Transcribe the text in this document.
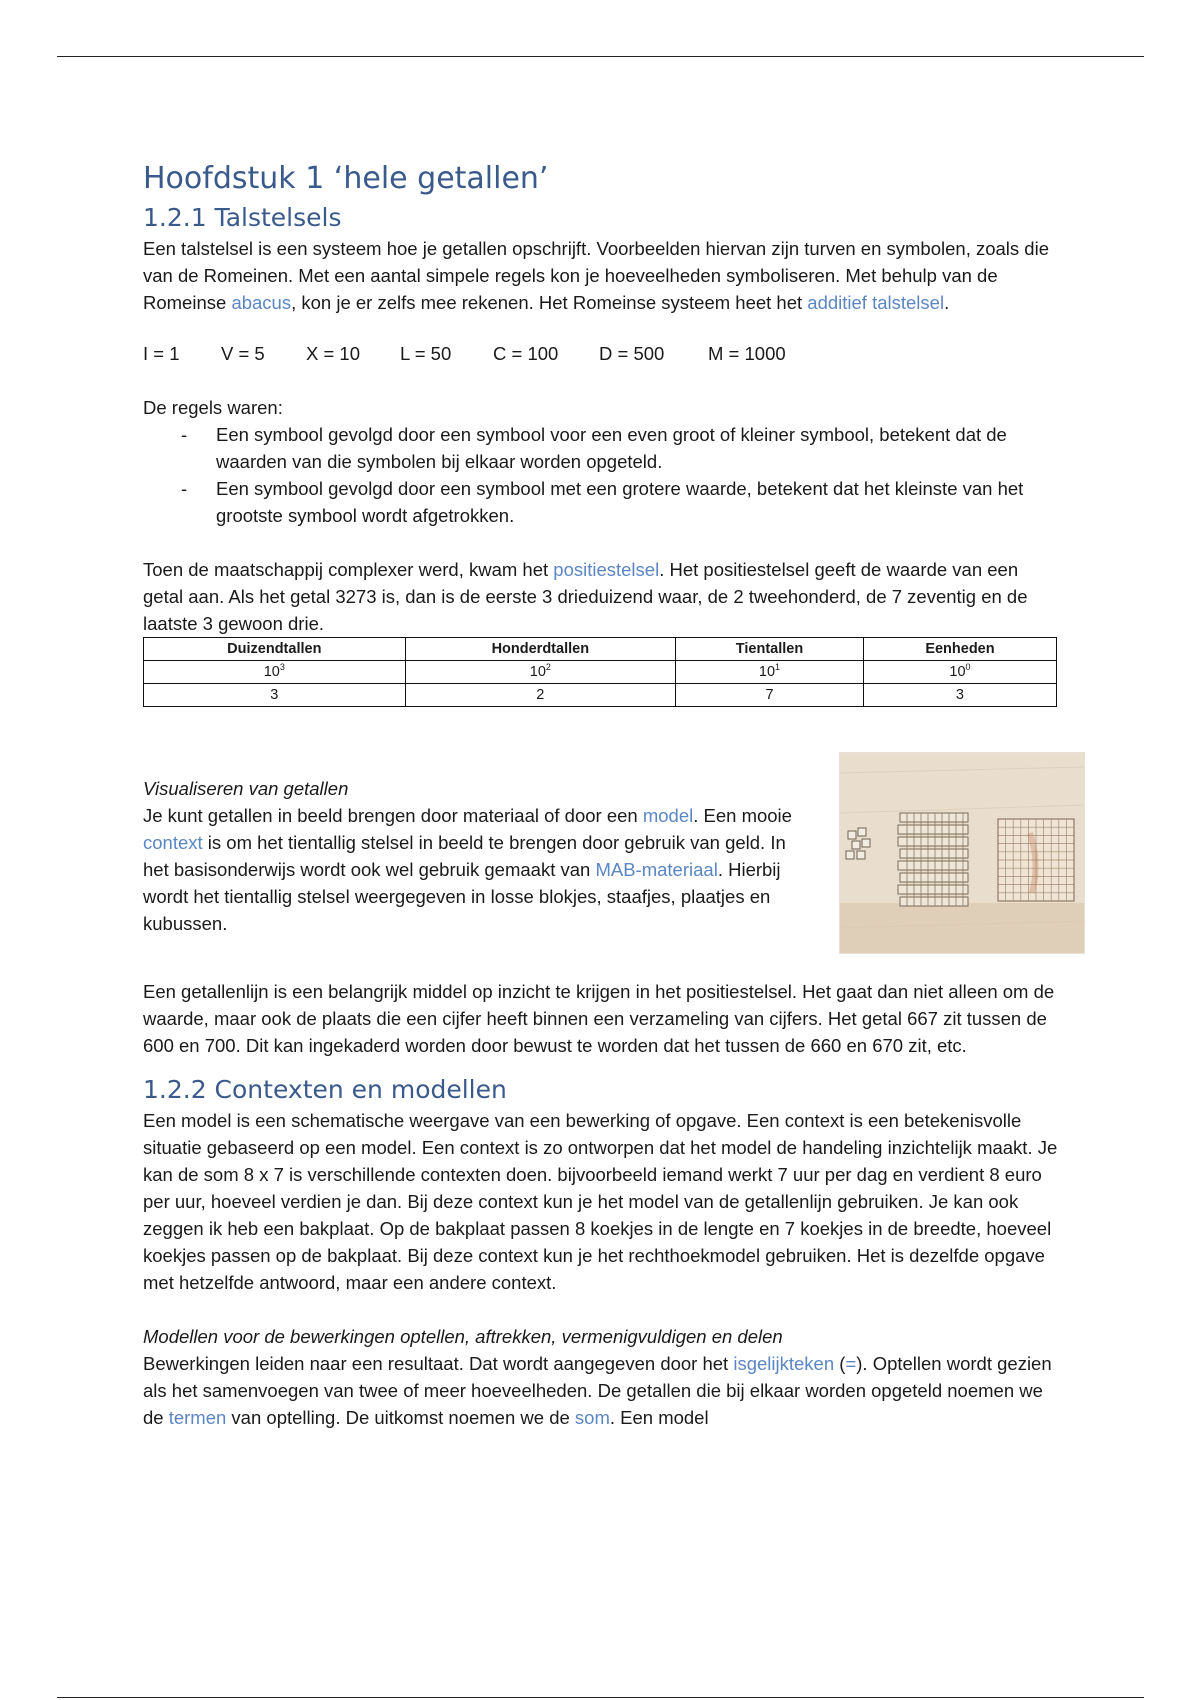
Hoofdstuk 1 ‘hele getallen’
1.2.1 Talstelsels

Een talstelsel is een systeem hoe je getallen opschrijft. Voorbeelden hiervan zijn turven en symbolen, zoals die van de Romeinen. Met een aantal simpele regels kon je hoeveelheden symboliseren. Met behulp van de Romeinse abacus, kon je er zelfs mee rekenen. Het Romeinse systeem heet het additief talstelsel.

I = 1	V = 5	X = 10	L = 50	C = 100	D = 500	M = 1000

De regels waren:

- Een symbool gevolgd door een symbool voor een even groot of kleiner symbool, betekent dat de waarden van die symbolen bij elkaar worden opgeteld.
- Een symbool gevolgd door een symbool met een grotere waarde, betekent dat het kleinste van het grootste symbool wordt afgetrokken.

Toen de maatschappij complexer werd, kwam het positiestelsel. Het positiestelsel geeft de waarde van een getal aan. Als het getal 3273 is, dan is de eerste 3 drieduizend waar, de 2 tweehonderd, de 7 zeventig en de laatste 3 gewoon drie.

Duizendtallen	Honderdtallen	Tientallen	Eenheden
$10^3$	$10^2$	$10^1$	$10^0$
3	2	7	3
Visualiseren van getallen

Je kunt getallen in beeld brengen door materiaal of door een model. Een mooie context is om het tientallig stelsel in beeld te brengen door gebruik van geld. In het basisonderwijs wordt ook wel gebruik gemaakt van MAB-materiaal. Hierbij wordt het tientallig stelsel weergegeven in losse blokjes, staafjes, plaatjes en kubussen.

Een getallenlijn is een belangrijk middel op inzicht te krijgen in het positiestelsel. Het gaat dan niet alleen om de waarde, maar ook de plaats die een cijfer heeft binnen een verzameling van cijfers. Het getal 667 zit tussen de 600 en 700. Dit kan ingekaderd worden door bewust te worden dat het tussen de 660 en 670 zit, etc.

1.2.2 Contexten en modellen

Een model is een schematische weergave van een bewerking of opgave. Een context is een betekenisvolle situatie gebaseerd op een model. Een context is zo ontworpen dat het model de handeling inzichtelijk maakt. Je kan de som 8 x 7 is verschillende contexten doen. bijvoorbeeld iemand werkt 7 uur per dag en verdient 8 euro per uur, hoeveel verdien je dan. Bij deze context kun je het model van de getallenlijn gebruiken. Je kan ook zeggen ik heb een bakplaat. Op de bakplaat passen 8 koekjes in de lengte en 7 koekjes in de breedte, hoeveel koekjes passen op de bakplaat. Bij deze context kun je het rechthoekmodel gebruiken. Het is dezelfde opgave met hetzelfde antwoord, maar een andere context.

Modellen voor de bewerkingen optellen, aftrekken, vermenigvuldigen en delen

Bewerkingen leiden naar een resultaat. Dat wordt aangegeven door het isgelijkteken (=). Optellen wordt gezien als het samenvoegen van twee of meer hoeveelheden. De getallen die bij elkaar worden opgeteld noemen we de termen van optelling. De uitkomst noemen we de som. Een model
